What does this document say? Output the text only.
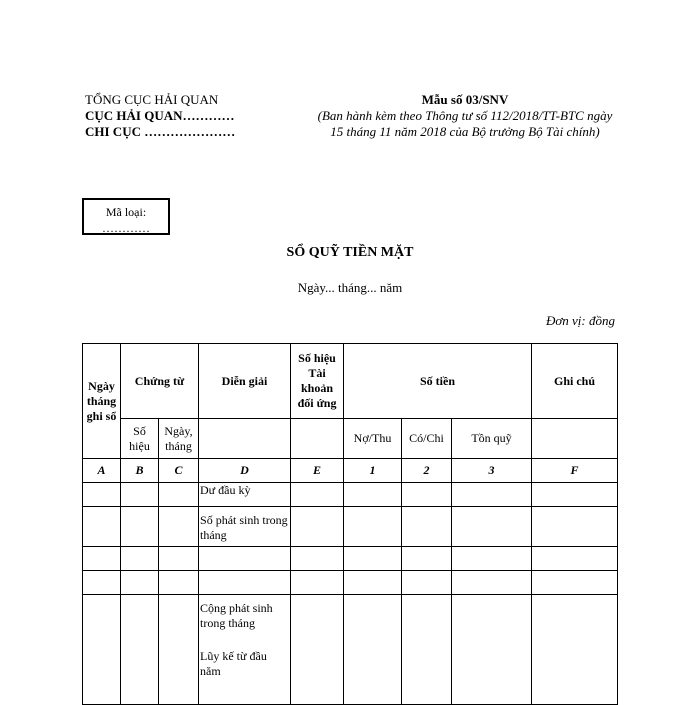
TỔNG CỤC HẢI QUAN
CỤC HẢI QUAN…………
CHI CỤC …………………
Mẫu số 03/SNV
(Ban hành kèm theo Thông tư số 112/2018/TT-BTC ngày 15 tháng 11 năm 2018 của Bộ trưởng Bộ Tài chính)
Mã loại:
…………
SỔ QUỸ TIỀN MẶT
Ngày... tháng... năm
Đơn vị: đồng
Ngày tháng ghi sổ	Chứng từ		Diễn giải	Số hiệu Tài khoản đối ứng	Số tiền			Ghi chú
	Số hiệu	Ngày, tháng			Nợ/Thu	Có/Chi	Tồn quỹ	
A	B	C	D	E	1	2	3	F
			Dư đầu kỳ					
			Số phát sinh trong tháng					

			Cộng phát sinh trong tháng
Lũy kế từ đầu năm					
